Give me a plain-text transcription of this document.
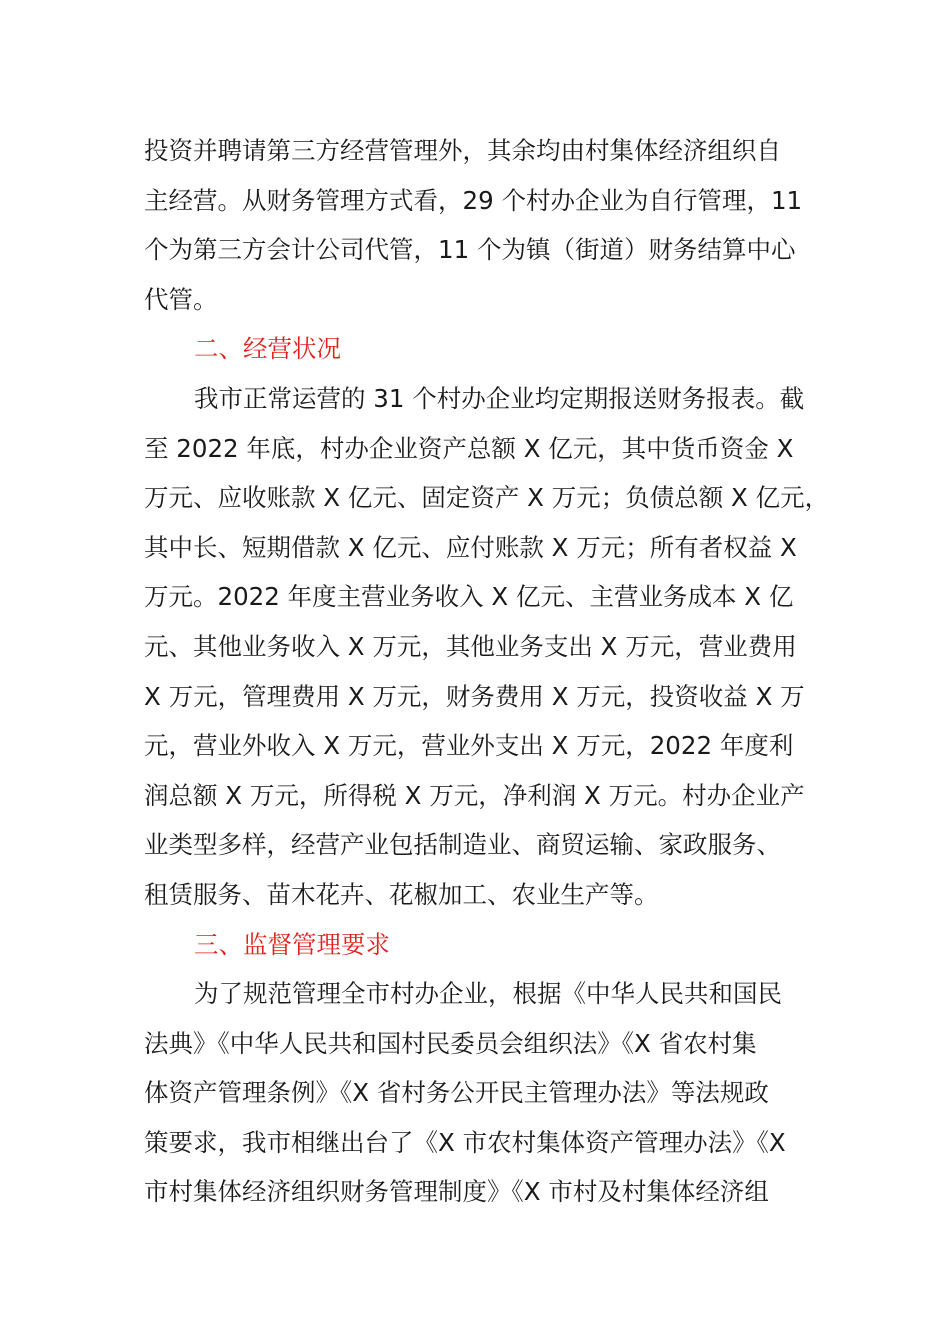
投资并聘请第三方经营管理外，其余均由村集体经济组织自
主经营。从财务管理方式看，29 个村办企业为自行管理，11
个为第三方会计公司代管，11 个为镇（街道）财务结算中心
代管。
二、经营状况
我市正常运营的 31 个村办企业均定期报送财务报表。截
至 2022 年底，村办企业资产总额 X 亿元，其中货币资金 X
万元、应收账款 X 亿元、固定资产 X 万元；负债总额 X 亿元，
其中长、短期借款 X 亿元、应付账款 X 万元；所有者权益 X
万元。2022 年度主营业务收入 X 亿元、主营业务成本 X 亿
元、其他业务收入 X 万元，其他业务支出 X 万元，营业费用
X 万元，管理费用 X 万元，财务费用 X 万元，投资收益 X 万
元，营业外收入 X 万元，营业外支出 X 万元，2022 年度利
润总额 X 万元，所得税 X 万元，净利润 X 万元。村办企业产
业类型多样，经营产业包括制造业、商贸运输、家政服务、
租赁服务、苗木花卉、花椒加工、农业生产等。
三、监督管理要求
为了规范管理全市村办企业，根据《中华人民共和国民
法典》《中华人民共和国村民委员会组织法》《X 省农村集
体资产管理条例》《X 省村务公开民主管理办法》等法规政
策要求，我市相继出台了《X 市农村集体资产管理办法》《X
市村集体经济组织财务管理制度》《X 市村及村集体经济组
